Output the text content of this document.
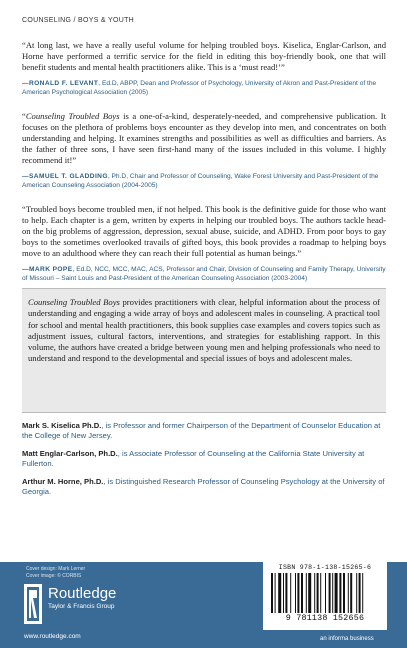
COUNSELING / BOYS & YOUTH

“At long last, we have a really useful volume for helping troubled boys. Kiselica, Englar-Carlson, and Horne have performed a terrific service for the field in editing this boy-friendly book, one that will benefit students and mental health practitioners alike. This is a ‘must read!’”

—RONALD F. LEVANT, Ed.D, ABPP, Dean and Professor of Psychology, University of Akron and Past-President of the American Psychological Association (2005)

“Counseling Troubled Boys is a one-of-a-kind, desperately-needed, and comprehensive publication. It focuses on the plethora of problems boys encounter as they develop into men, and concentrates on both understanding and helping. It examines strengths and possibilities as well as difficulties and barriers. As the father of three sons, I have seen first-hand many of the issues included in this volume. I highly recommend it!”

—SAMUEL T. GLADDING, Ph.D, Chair and Professor of Counseling, Wake Forest University and Past-President of the American Counseling Association (2004-2005)

“Troubled boys become troubled men, if not helped. This book is the definitive guide for those who want to help. Each chapter is a gem, written by experts in helping our troubled boys. The authors tackle head-on the big problems of aggression, depression, sexual abuse, suicide, and ADHD. From poor boys to gay boys to the sometimes overlooked travails of gifted boys, this book provides a roadmap to helping boys move to an adulthood where they can reach their full potential as human beings.”

—MARK POPE, Ed.D, NCC, MCC, MAC, ACS, Professor and Chair, Division of Counseling and Family Therapy, University of Missouri – Saint Louis and Past-President of the American Counseling Association (2003-2004)

Counseling Troubled Boys provides practitioners with clear, helpful information about the process of understanding and engaging a wide array of boys and adolescent males in counseling. A practical tool for school and mental health practitioners, this book supplies case examples and covers topics such as adjustment issues, cultural factors, interventions, and strategies for establishing rapport. In this volume, the authors have created a bridge between young men and helping professionals who need to understand and respond to the developmental and special issues of boys and adolescent males.

Mark S. Kiselica Ph.D., is Professor and former Chairperson of the Department of Counselor Education at the College of New Jersey.

Matt Englar-Carlson, Ph.D., is Associate Professor of Counseling at the California State University at Fullerton.

Arthur M. Horne, Ph.D., is Distinguished Research Professor of Counseling Psychology at the University of Georgia.

Cover design: Mark Lerner
Cover image: © CORBIS
Routledge
Taylor & Francis Group
www.routledge.com
ISBN 978-1-138-15265-6
9 781138 152656
an informa business
